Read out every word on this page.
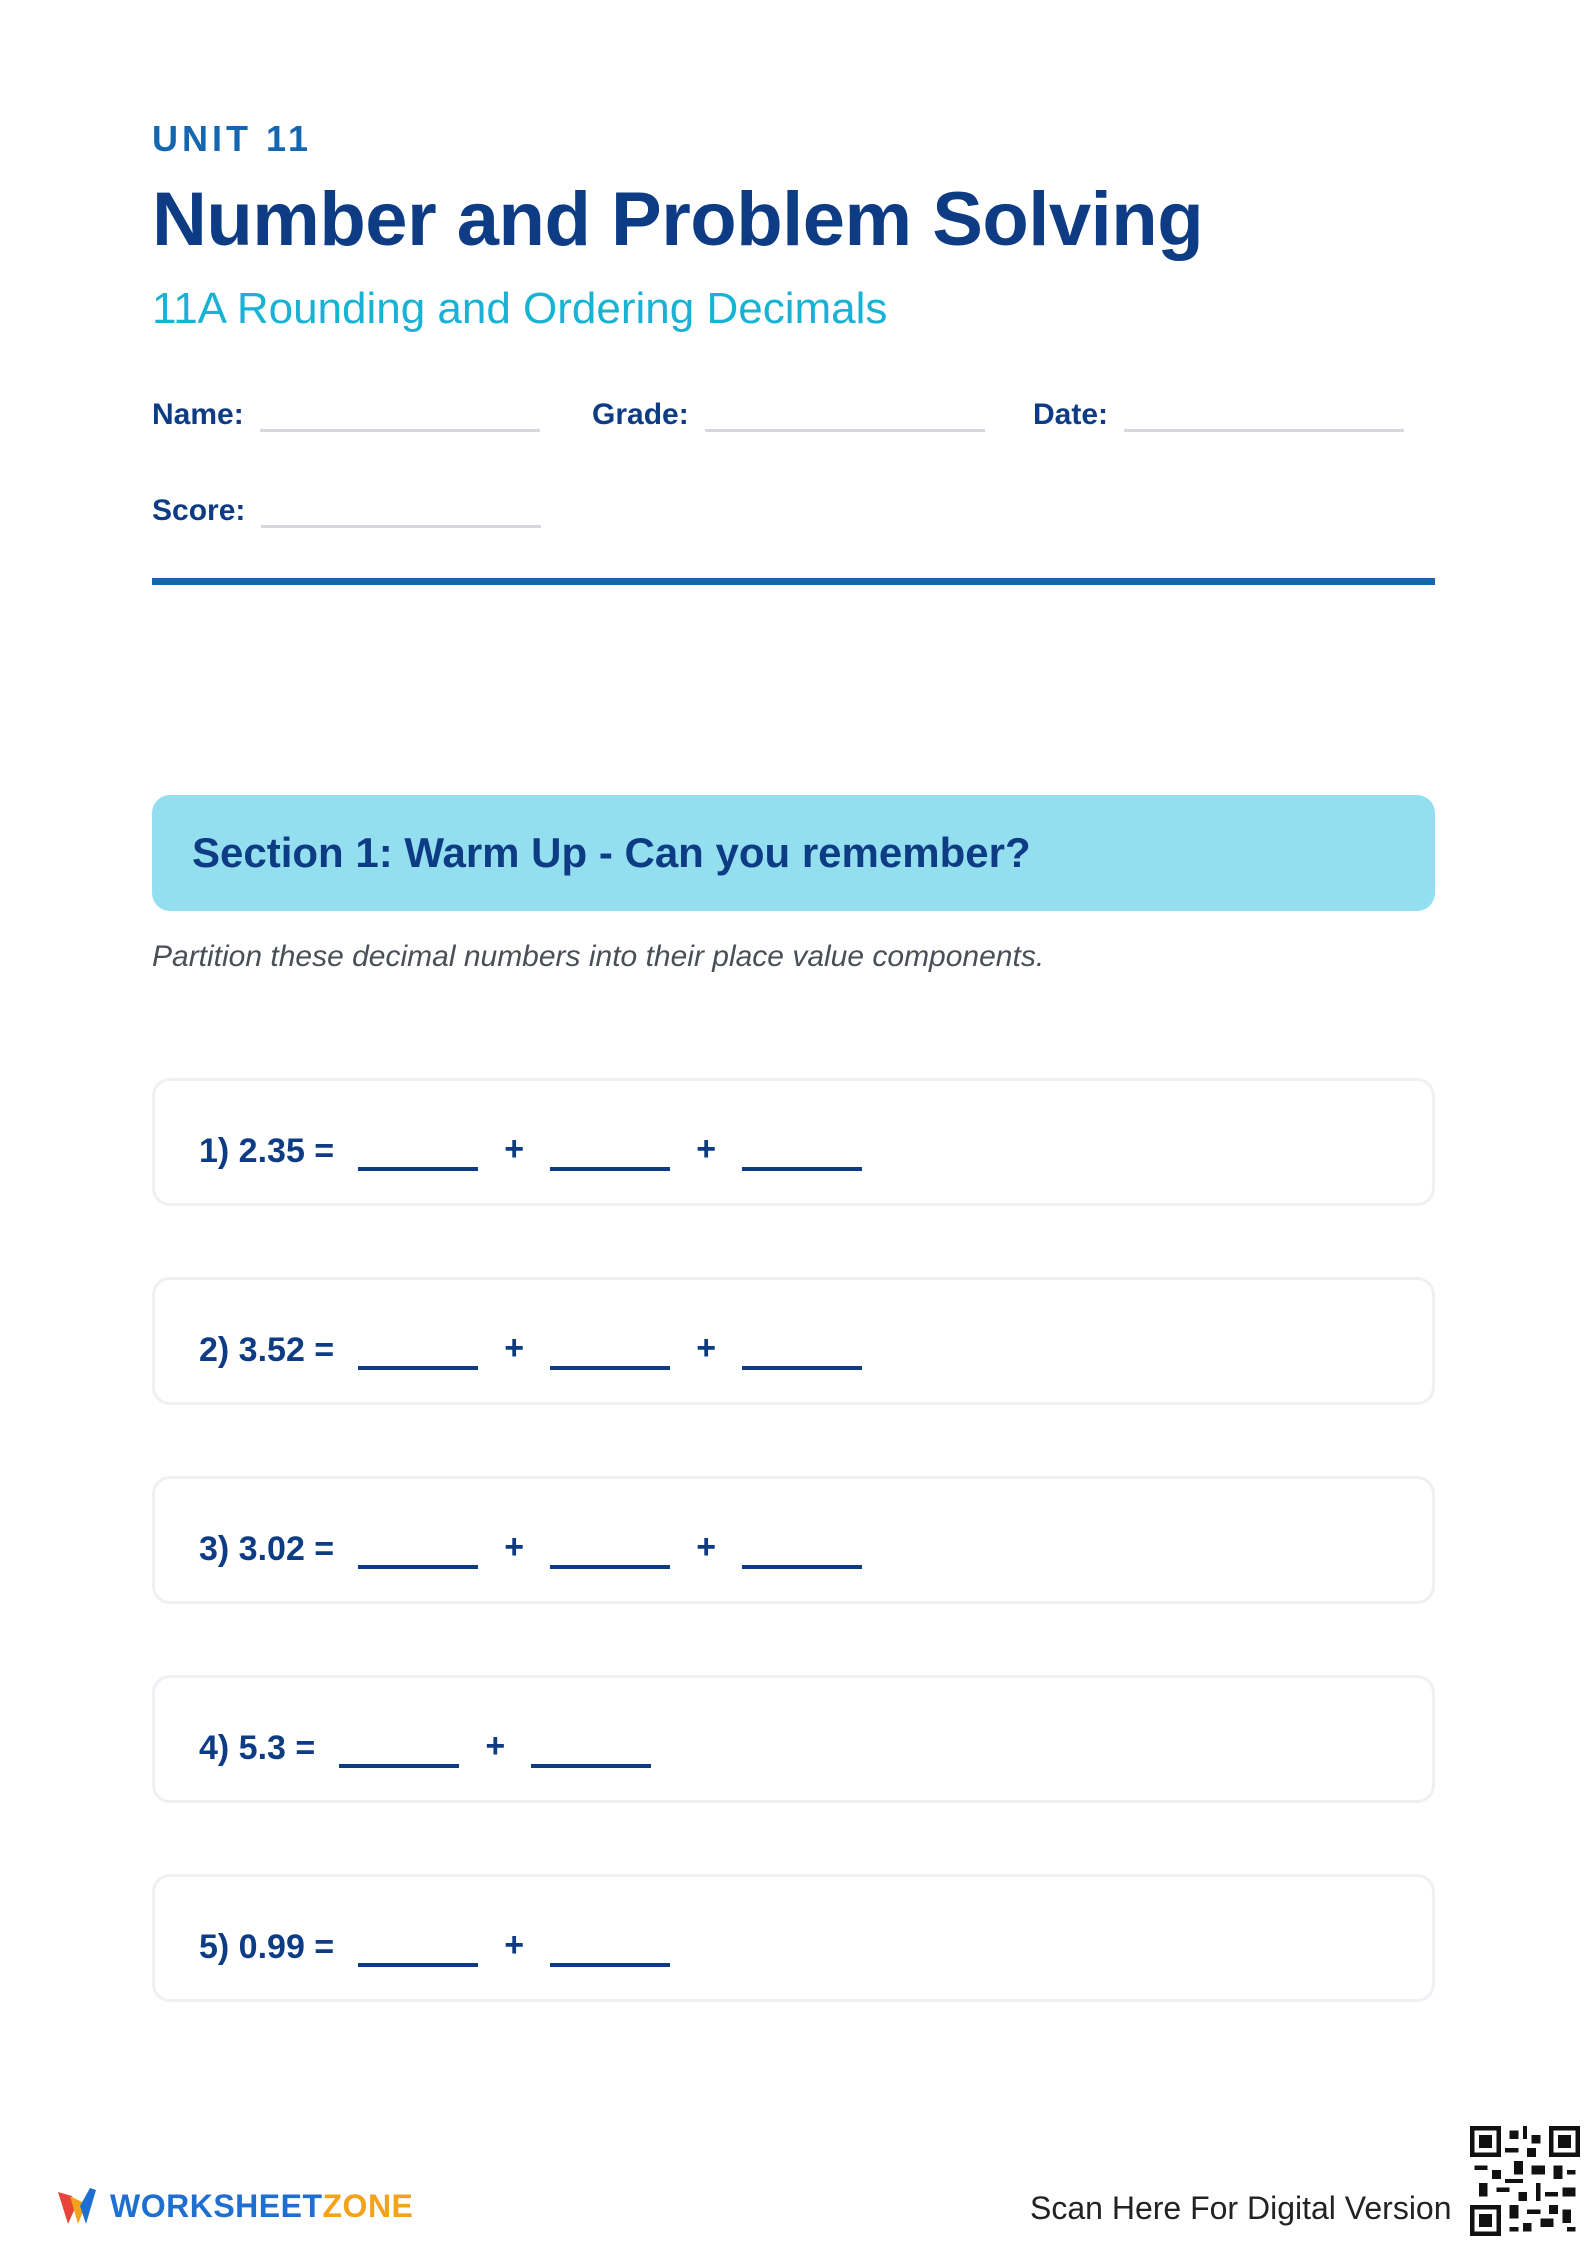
UNIT 11
Number and Problem Solving
11A Rounding and Ordering Decimals
Name:	Grade:	Date:
Score:
Section 1: Warm Up - Can you remember?
Partition these decimal numbers into their place value components.
1) 2.35 =	+	+
2) 3.52 =	+	+
3) 3.02 =	+	+
4) 5.3 =	+
5) 0.99 =	+
WORKSHEETZONE	Scan Here For Digital Version
